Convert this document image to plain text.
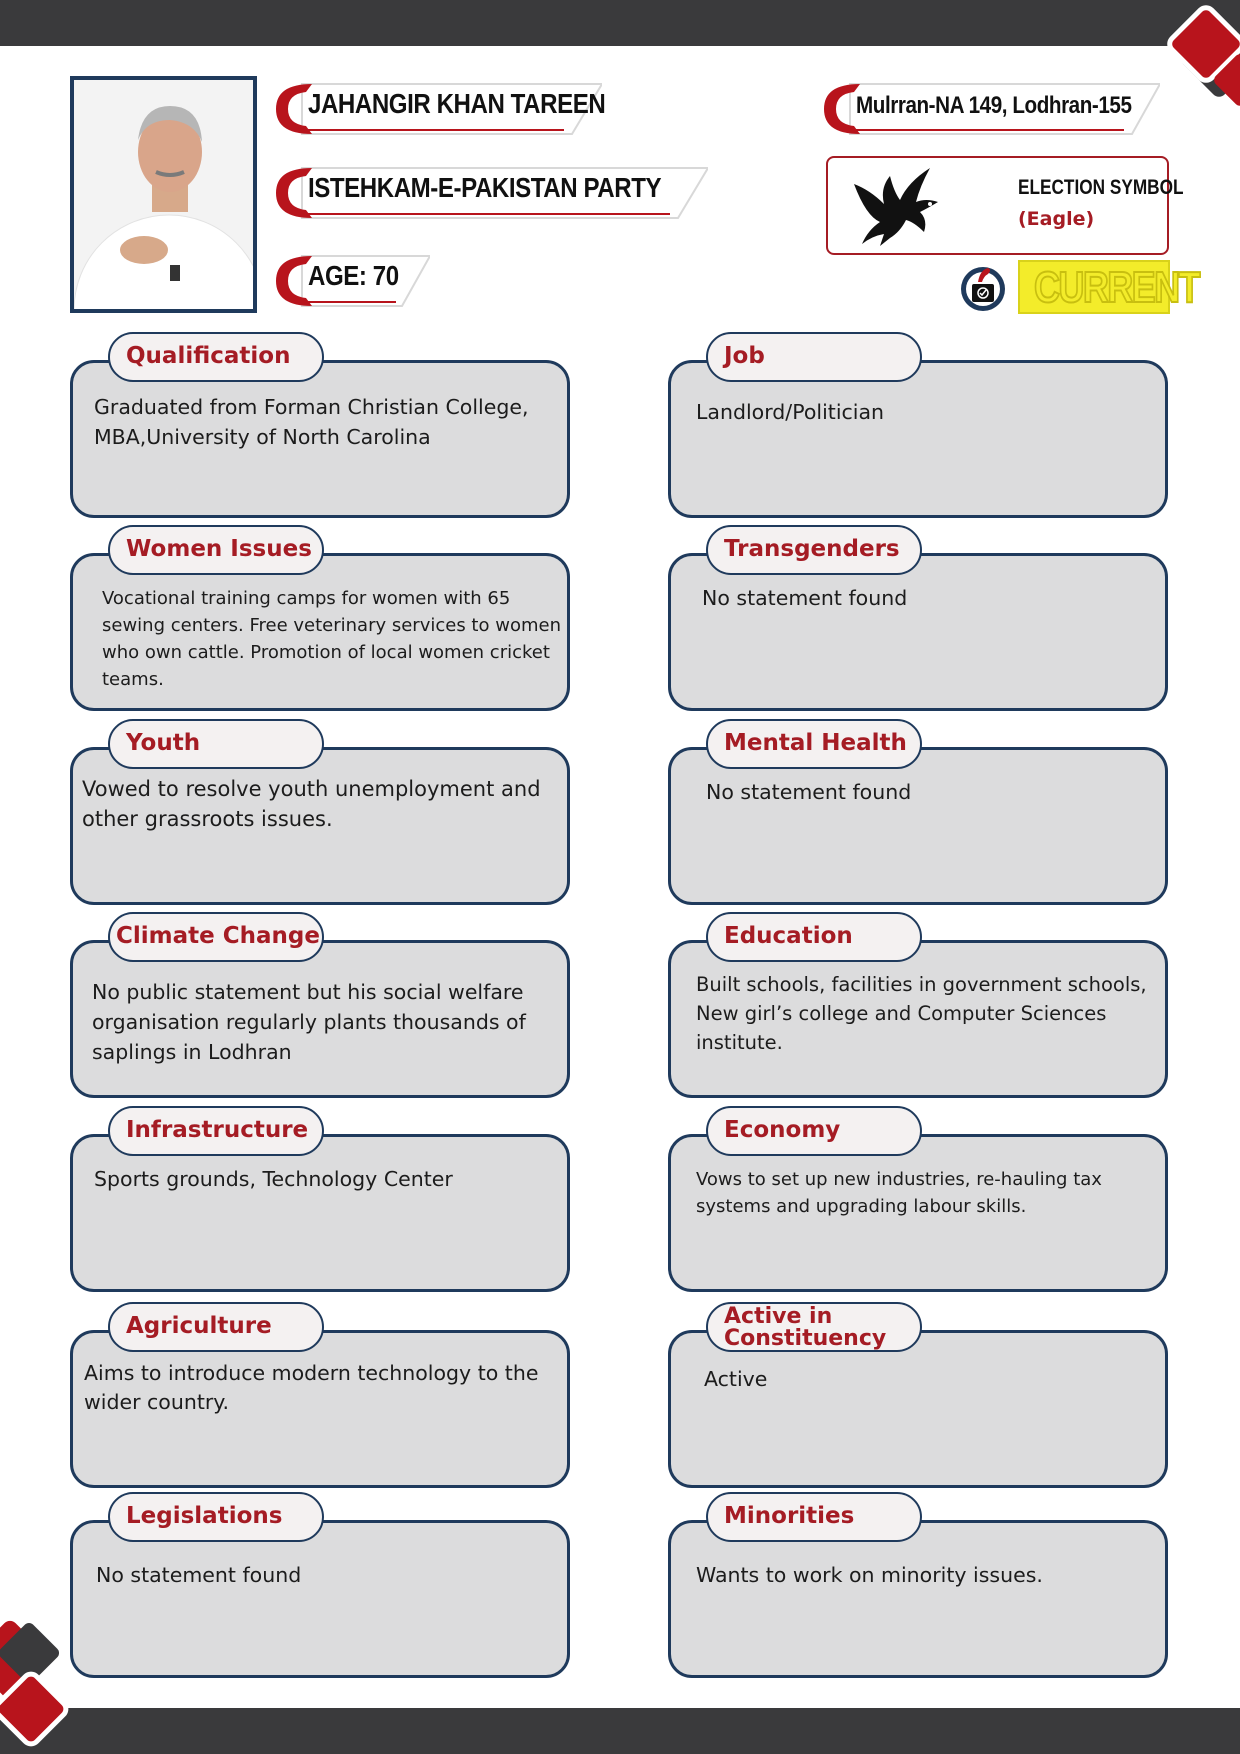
JAHANGIR KHAN TAREEN
ISTEHKAM-E-PAKISTAN PARTY
AGE: 70
Mulrran-NA 149, Lodhran-155
ELECTION SYMBOL
(Eagle)
CURRENT
Qualification
Graduated from Forman Christian College, MBA,University of North Carolina
Women Issues
Vocational training camps for women with 65 sewing centers. Free veterinary services to women who own cattle. Promotion of local women cricket teams.
Youth
Vowed to resolve youth unemployment and other grassroots issues.
Climate Change
No public statement but his social welfare organisation regularly plants thousands of saplings in Lodhran
Infrastructure
Sports grounds, Technology Center
Agriculture
Aims to introduce modern technology to the wider country.
Legislations
No statement found
Job
Landlord/Politician
Transgenders
No statement found
Mental Health
No statement found
Education
Built schools, facilities in government schools, New girl’s college and Computer Sciences institute.
Economy
Vows to set up new industries, re-hauling tax systems and upgrading labour skills.
Active in Constituency
Active
Minorities
Wants to work on minority issues.
